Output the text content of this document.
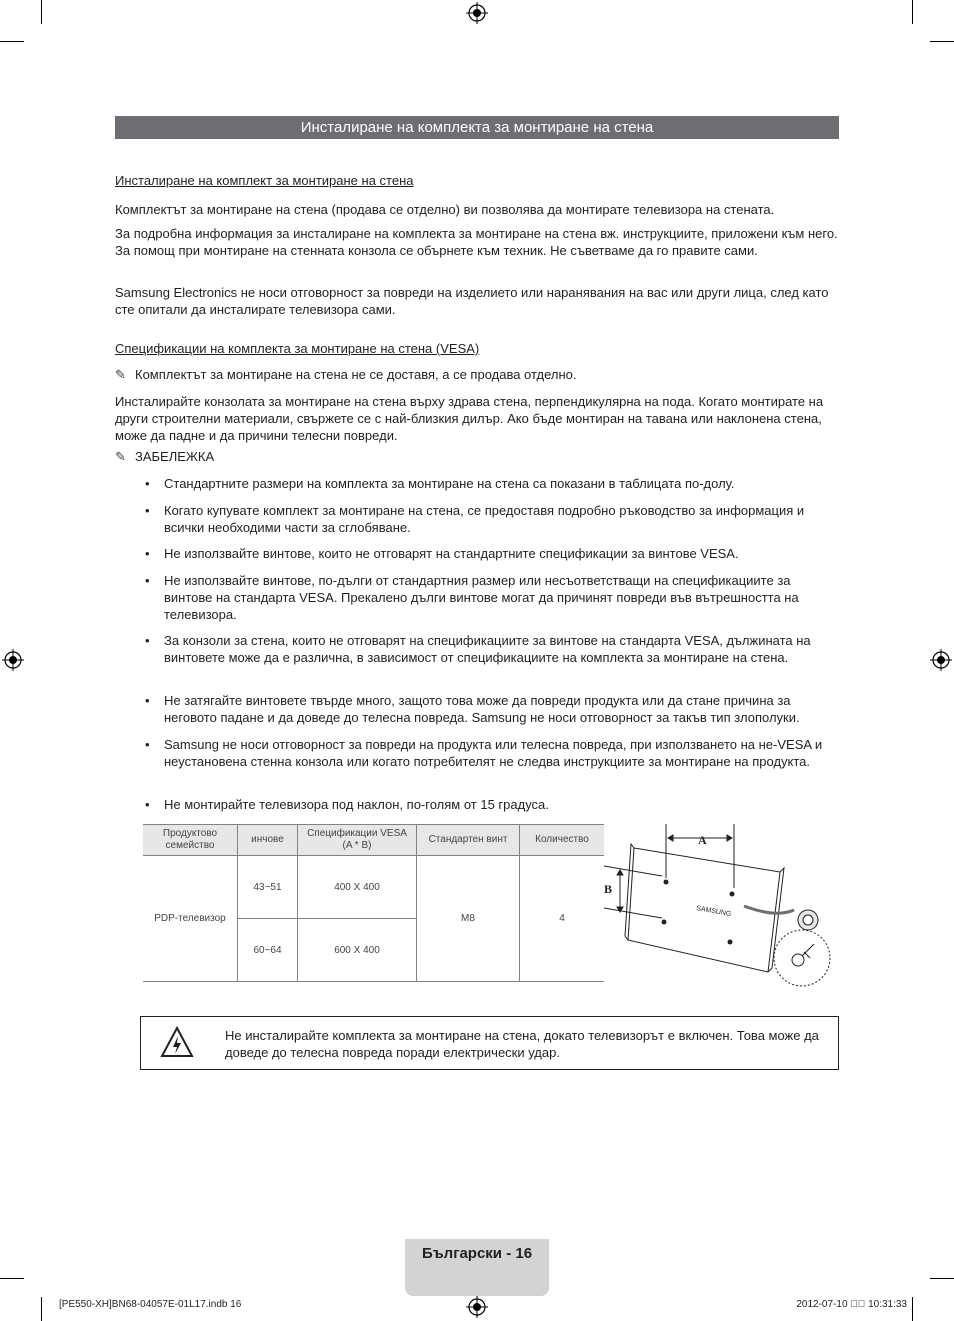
Инсталиране на комплекта за монтиране на стена
Инсталиране на комплект за монтиране на стена
Комплектът за монтиране на стена (продава се отделно) ви позволява да монтирате телевизора на стената.
За подробна информация за инсталиране на комплекта за монтиране на стена вж. инструкциите, приложени към него. За помощ при монтиране на стенната конзола се обърнете към техник. Не съветваме да го правите сами.
Samsung Electronics не носи отговорност за повреди на изделието или наранявания на вас или други лица, след като сте опитали да инсталирате телевизора сами.
Спецификации на комплекта за монтиране на стена (VESA)
✎ Комплектът за монтиране на стена не се доставя, а се продава отделно.
Инсталирайте конзолата за монтиране на стена върху здрава стена, перпендикулярна на пода. Когато монтирате на други строителни материали, свържете се с най-близкия дилър. Ако бъде монтиран на тавана или наклонена стена, може да падне и да причини телесни повреди.
✎ ЗАБЕЛЕЖКА
• Стандартните размери на комплекта за монтиране на стена са показани в таблицата по-долу.
• Когато купувате комплект за монтиране на стена, се предоставя подробно ръководство за информация и всички необходими части за сглобяване.
• Не използвайте винтове, които не отговарят на стандартните спецификации за винтове VESA.
• Не използвайте винтове, по-дълги от стандартния размер или несъответстващи на спецификациите за винтове на стандарта VESA. Прекалено дълги винтове могат да причинят повреди във вътрешността на телевизора.
• За конзоли за стена, които не отговарят на спецификациите за винтове на стандарта VESA, дължината на винтовете може да е различна, в зависимост от спецификациите на комплекта за монтиране на стена.
• Не затягайте винтовете твърде много, защото това може да повреди продукта или да стане причина за неговото падане и да доведе до телесна повреда. Samsung не носи отговорност за такъв тип злополуки.
• Samsung не носи отговорност за повреди на продукта или телесна повреда, при използването на не-VESA и неустановена стенна конзола или когато потребителят не следва инструкциите за монтиране на продукта.
• Не монтирайте телевизора под наклон, по-голям от 15 градуса.
Продуктово семейство	инчове	Спецификации VESA (A * B)	Стандартен винт	Количество
PDP-телевизор	43~51	400 X 400	M8	4
	60~64	600 X 400		
SAMSUNG
A
B
Не инсталирайте комплекта за монтиране на стена, докато телевизорът е включен. Това може да доведе до телесна повреда поради електрически удар.
Български - 16
[PE550-XH]BN68-04057E-01L17.indb 16	2012-07-10 ￿￿ 10:31:33
